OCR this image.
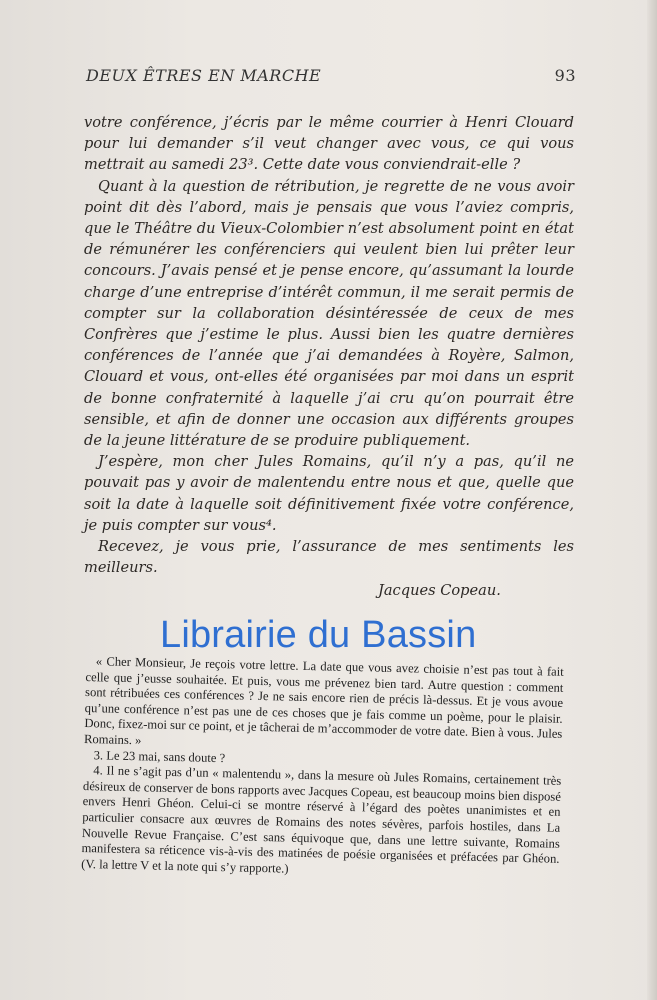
DEUX ÊTRES EN MARCHE	93

votre conférence, j’écris par le même courrier à Henri Clouard pour lui demander s’il veut changer avec vous, ce qui vous mettrait au samedi 23³. Cette date vous conviendrait-elle ?

Quant à la question de rétribution, je regrette de ne vous avoir point dit dès l’abord, mais je pensais que vous l’aviez compris, que le Théâtre du Vieux-Colombier n’est absolument point en état de rémunérer les conférenciers qui veulent bien lui prêter leur concours. J’avais pensé et je pense encore, qu’assumant la lourde charge d’une entreprise d’intérêt commun, il me serait permis de compter sur la collaboration désintéressée de ceux de mes Confrères que j’estime le plus. Aussi bien les quatre dernières conférences de l’année que j’ai demandées à Royère, Salmon, Clouard et vous, ont-elles été organisées par moi dans un esprit de bonne confraternité à laquelle j’ai cru qu’on pourrait être sensible, et afin de donner une occasion aux différents groupes de la jeune littérature de se produire publiquement.

J’espère, mon cher Jules Romains, qu’il n’y a pas, qu’il ne pouvait pas y avoir de malentendu entre nous et que, quelle que soit la date à laquelle soit définitivement fixée votre conférence, je puis compter sur vous⁴.

Recevez, je vous prie, l’assurance de mes sentiments les meilleurs.

Jacques Copeau.
Librairie du Bassin

« Cher Monsieur, Je reçois votre lettre. La date que vous avez choisie n’est pas tout à fait celle que j’eusse souhaitée. Et puis, vous me prévenez bien tard. Autre question : comment sont rétribuées ces conférences ? Je ne sais encore rien de précis là-dessus. Et je vous avoue qu’une conférence n’est pas une de ces choses que je fais comme un poème, pour le plaisir. Donc, fixez-moi sur ce point, et je tâcherai de m’accommoder de votre date. Bien à vous. Jules Romains. »

3. Le 23 mai, sans doute ?

4. Il ne s’agit pas d’un « malentendu », dans la mesure où Jules Romains, certainement très désireux de conserver de bons rapports avec Jacques Copeau, est beaucoup moins bien disposé envers Henri Ghéon. Celui-ci se montre réservé à l’égard des poètes unanimistes et en particulier consacre aux œuvres de Romains des notes sévères, parfois hostiles, dans La Nouvelle Revue Française. C’est sans équivoque que, dans une lettre suivante, Romains manifestera sa réticence vis-à-vis des matinées de poésie organisées et préfacées par Ghéon. (V. la lettre V et la note qui s’y rapporte.)
